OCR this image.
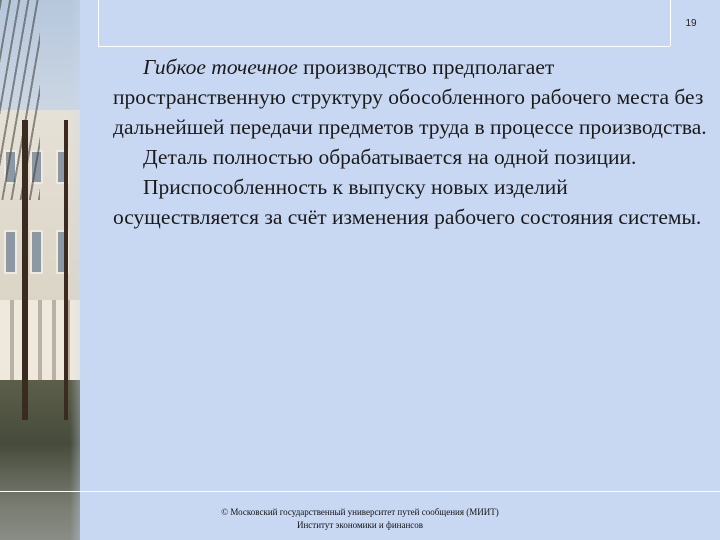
19

Гибкое точечное производство предполагает пространственную структуру обособленного рабочего места без дальнейшей передачи предметов труда в процессе производства.

Деталь полностью обрабатывается на одной позиции.

Приспособленность к выпуску новых изделий осуществляется за счёт изменения рабочего состояния системы.

© Московский государственный университет путей сообщения (МИИТ)
Институт экономики и финансов
